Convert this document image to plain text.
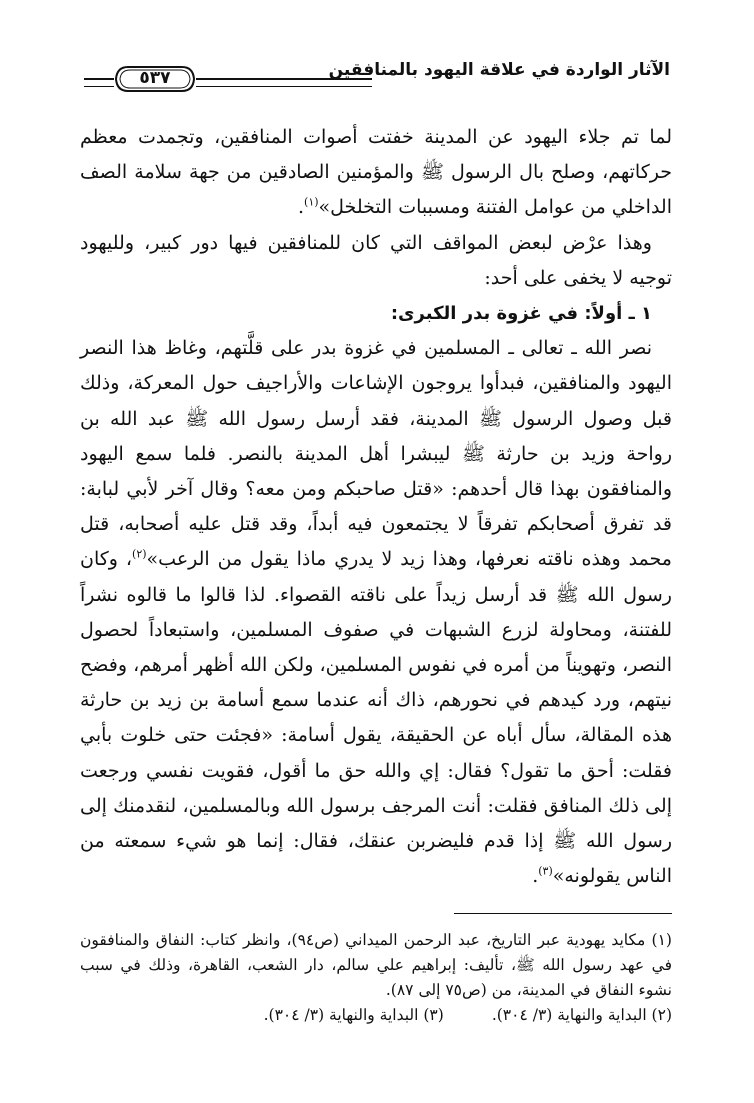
الآثار الواردة في علاقة اليهود بالمنافقين
٥٣٧

لما تم جلاء اليهود عن المدينة خفتت أصوات المنافقين، وتجمدت معظم حركاتهم، وصلح بال الرسول ﷺ والمؤمنين الصادقين من جهة سلامة الصف الداخلي من عوامل الفتنة ومسببات التخلخل»$^{(١)}$.

وهذا عرْض لبعض المواقف التي كان للمنافقين فيها دور كبير، ولليهود توجيه لا يخفى على أحد:

١ ـ أولاً: في غزوة بدر الكبرى:

نصر الله ـ تعالى ـ المسلمين في غزوة بدر على قلَّتهم، وغاظ هذا النصر اليهود والمنافقين، فبدأوا يروجون الإشاعات والأراجيف حول المعركة، وذلك قبل وصول الرسول ﷺ المدينة، فقد أرسل رسول الله ﷺ عبد الله بن رواحة وزيد بن حارثة ﷺ ليبشرا أهل المدينة بالنصر. فلما سمع اليهود والمنافقون بهذا قال أحدهم: «قتل صاحبكم ومن معه؟ وقال آخر لأبي لبابة: قد تفرق أصحابكم تفرقاً لا يجتمعون فيه أبداً، وقد قتل عليه أصحابه، قتل محمد وهذه ناقته نعرفها، وهذا زيد لا يدري ماذا يقول من الرعب»$^{(٢)}$، وكان رسول الله ﷺ قد أرسل زيداً على ناقته القصواء. لذا قالوا ما قالوه نشراً للفتنة، ومحاولة لزرع الشبهات في صفوف المسلمين، واستبعاداً لحصول النصر، وتهويناً من أمره في نفوس المسلمين، ولكن الله أظهر أمرهم، وفضح نيتهم، ورد كيدهم في نحورهم، ذاك أنه عندما سمع أسامة بن زيد بن حارثة هذه المقالة، سأل أباه عن الحقيقة، يقول أسامة: «فجئت حتى خلوت بأبي فقلت: أحق ما تقول؟ فقال: إي والله حق ما أقول، فقويت نفسي ورجعت إلى ذلك المنافق فقلت: أنت المرجف برسول الله وبالمسلمين، لنقدمنك إلى رسول الله ﷺ إذا قدم فليضربن عنقك، فقال: إنما هو شيء سمعته من الناس يقولونه»$^{(٣)}$.

(١) مكايد يهودية عبر التاريخ، عبد الرحمن الميداني (ص٩٤)، وانظر كتاب: النفاق والمنافقون في عهد رسول الله ﷺ، تأليف: إبراهيم علي سالم، دار الشعب، القاهرة، وذلك في سبب نشوء النفاق في المدينة، من (ص٧٥ إلى ٨٧).

(٢) البداية والنهاية (٣/ ٣٠٤).
(٣) البداية والنهاية (٣/ ٣٠٤).
